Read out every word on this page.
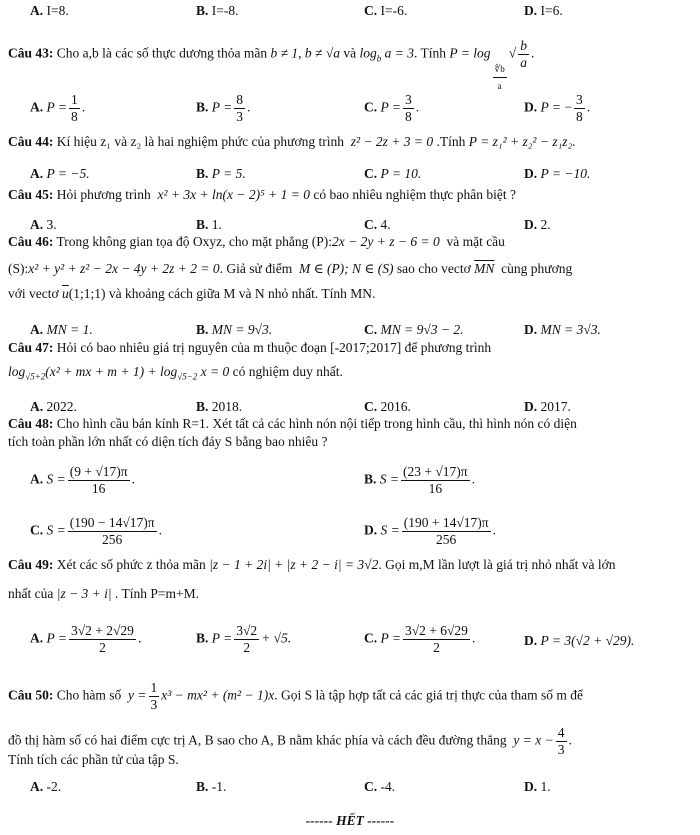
A. I=8.	B. I=-8.	C. I=-6.	D. I=6.
Câu 43: Cho a,b là các số thực dương thỏa mãn b ≠ 1, b ≠ √a và $\log_b a = 3$. Tính P = log
$\frac{∜b}{a}$
√ $\frac{b}{a}$ .
A. $P = \frac{1}{8}$ .	B. $P = \frac{8}{3}$ .	C. $P = \frac{3}{8}$ .	D. P = − $\frac{3}{8}$ .
Câu 44: Kí hiệu z₁ và z₂ là hai nghiệm phức của phương trình z² − 2z + 3 = 0 .Tính P = z₁² + z₂² − z₁z₂.
A. P = −5.	B. P = 5.	C. P = 10.	D. P = −10.
Câu 45: Hỏi phương trình x² + 3x + ln(x − 2)⁵ + 1 = 0 có bao nhiêu nghiệm thực phân biệt ?
A. 3.	B. 1.	C. 4.	D. 2.
Câu 46: Trong không gian tọa độ Oxyz, cho mặt phẳng (P):2x − 2y + z − 6 = 0 và mặt cầu
(S):x² + y² + z² − 2x − 4y + 2z + 2 = 0. Giả sử điểm M ∈ (P); N ∈ (S) sao cho vectơ $\overline{MN}$ cùng phương
với vectơ $\overline{u}(1;1;1)$ và khoảng cách giữa M và N nhỏ nhất. Tính MN.
A. MN = 1.	B. MN = 9√3.	C. MN = 9√3 − 2.	D. MN = 3√3.
Câu 47: Hỏi có bao nhiêu giá trị nguyên của m thuộc đoạn [-2017;2017] để phương trình
$\log_{√5+2}(x^2$ + mx + $m + 1) + \log_{√5-2} x = 0$ có nghiệm duy nhất.
A. 2022.	B. 2018.	C. 2016.	D. 2017.
Câu 48: Cho hình cầu bán kính R=1. Xét tất cả các hình nón nội tiếp trong hình cầu, thì hình nón có diện
tích toàn phần lớn nhất có diện tích đáy S bằng bao nhiêu ?
A. $S = \frac{(9 + √17)\pi}{16}$ .	B. $S = \frac{(23 + √17)\pi}{16}$ .
C. $S = \frac{(190 - 14√17)\pi}{256}$ .	D. $S = \frac{(190 + 14√17)\pi}{256}$ .
Câu 49: Xét các số phức z thỏa mãn |z − 1 + 2i| + |z + 2 − i| = 3√2. Gọi m,M lần lượt là giá trị nhỏ nhất và lớn
nhất của |z − 3 + i| . Tính P=m+M.
A. $P = \frac{3√2 + 2√29}{2}$ .	B. $P = \frac{3√2}{2} + √5$.	C. $P = \frac{3√2 + 6√29}{2}$ .	D. P = 3(√2 + √29).
Câu 50: Cho hàm số $y = \frac{1}{3} x^3 - mx^2 + (m^2 - 1)x$. Gọi S là tập hợp tất cả các giá trị thực của tham số m để
đồ thị hàm số có hai điểm cực trị A, B sao cho A, B nằm khác phía và cách đều đường thẳng $y = x - \frac{4}{3}$ .
Tính tích các phần tử của tập S.
A. -2.	B. -1.	C. -4.	D. 1.
------ HẾT ------
